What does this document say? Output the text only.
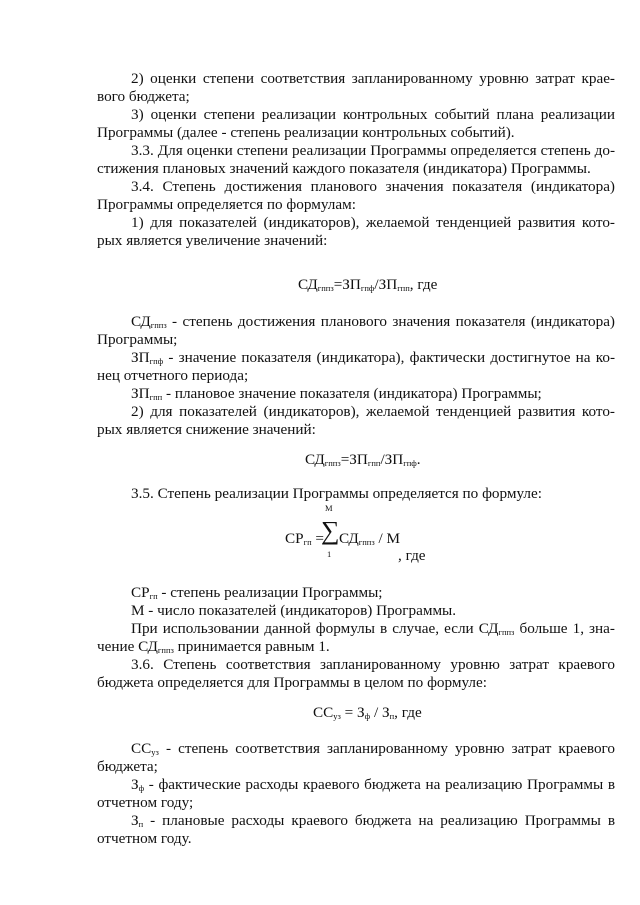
2) оценки степени соответствия запланированному уровню затрат крае-
вого бюджета;
3) оценки степени реализации контрольных событий плана реализации
Программы (далее - степень реализации контрольных событий).
3.3. Для оценки степени реализации Программы определяется степень до-
стижения плановых значений каждого показателя (индикатора) Программы.
3.4. Степень достижения планового значения показателя (индикатора)
Программы определяется по формулам:
1) для показателей (индикаторов), желаемой тенденцией развития кото-
рых является увеличение значений:
$СД_{гппз}=ЗП_{гпф}/ЗП_{гпп}$, где
$СД_{гппз}$ - степень достижения планового значения показателя (индикатора)
Программы;
$ЗП_{гпф}$ - значение показателя (индикатора), фактически достигнутое на ко-
нец отчетного периода;
$ЗП_{гпп}$ - плановое значение показателя (индикатора) Программы;
2) для показателей (индикаторов), желаемой тенденцией развития кото-
рых является снижение значений:
$СД_{гппз}=ЗП_{гпп}/ЗП_{гпф}$.
3.5. Степень реализации Программы определяется по формуле:
$СР_{гп}$ =
М
∑
1
$СД_{гппз}$ / М
, где
$СР_{гп}$ - степень реализации Программы;
М - число показателей (индикаторов) Программы.
При использовании данной формулы в случае, если $СД_{гппз}$ больше 1, зна-
чение $СД_{гппз}$ принимается равным 1.
3.6. Степень соответствия запланированному уровню затрат краевого
бюджета определяется для Программы в целом по формуле:
$СС_{уз} = З_ф / З_п$, где
$СС_{уз}$ - степень соответствия запланированному уровню затрат краевого
бюджета;
$З_ф$ - фактические расходы краевого бюджета на реализацию Программы в
отчетном году;
$З_п$ - плановые расходы краевого бюджета на реализацию Программы в
отчетном году.
